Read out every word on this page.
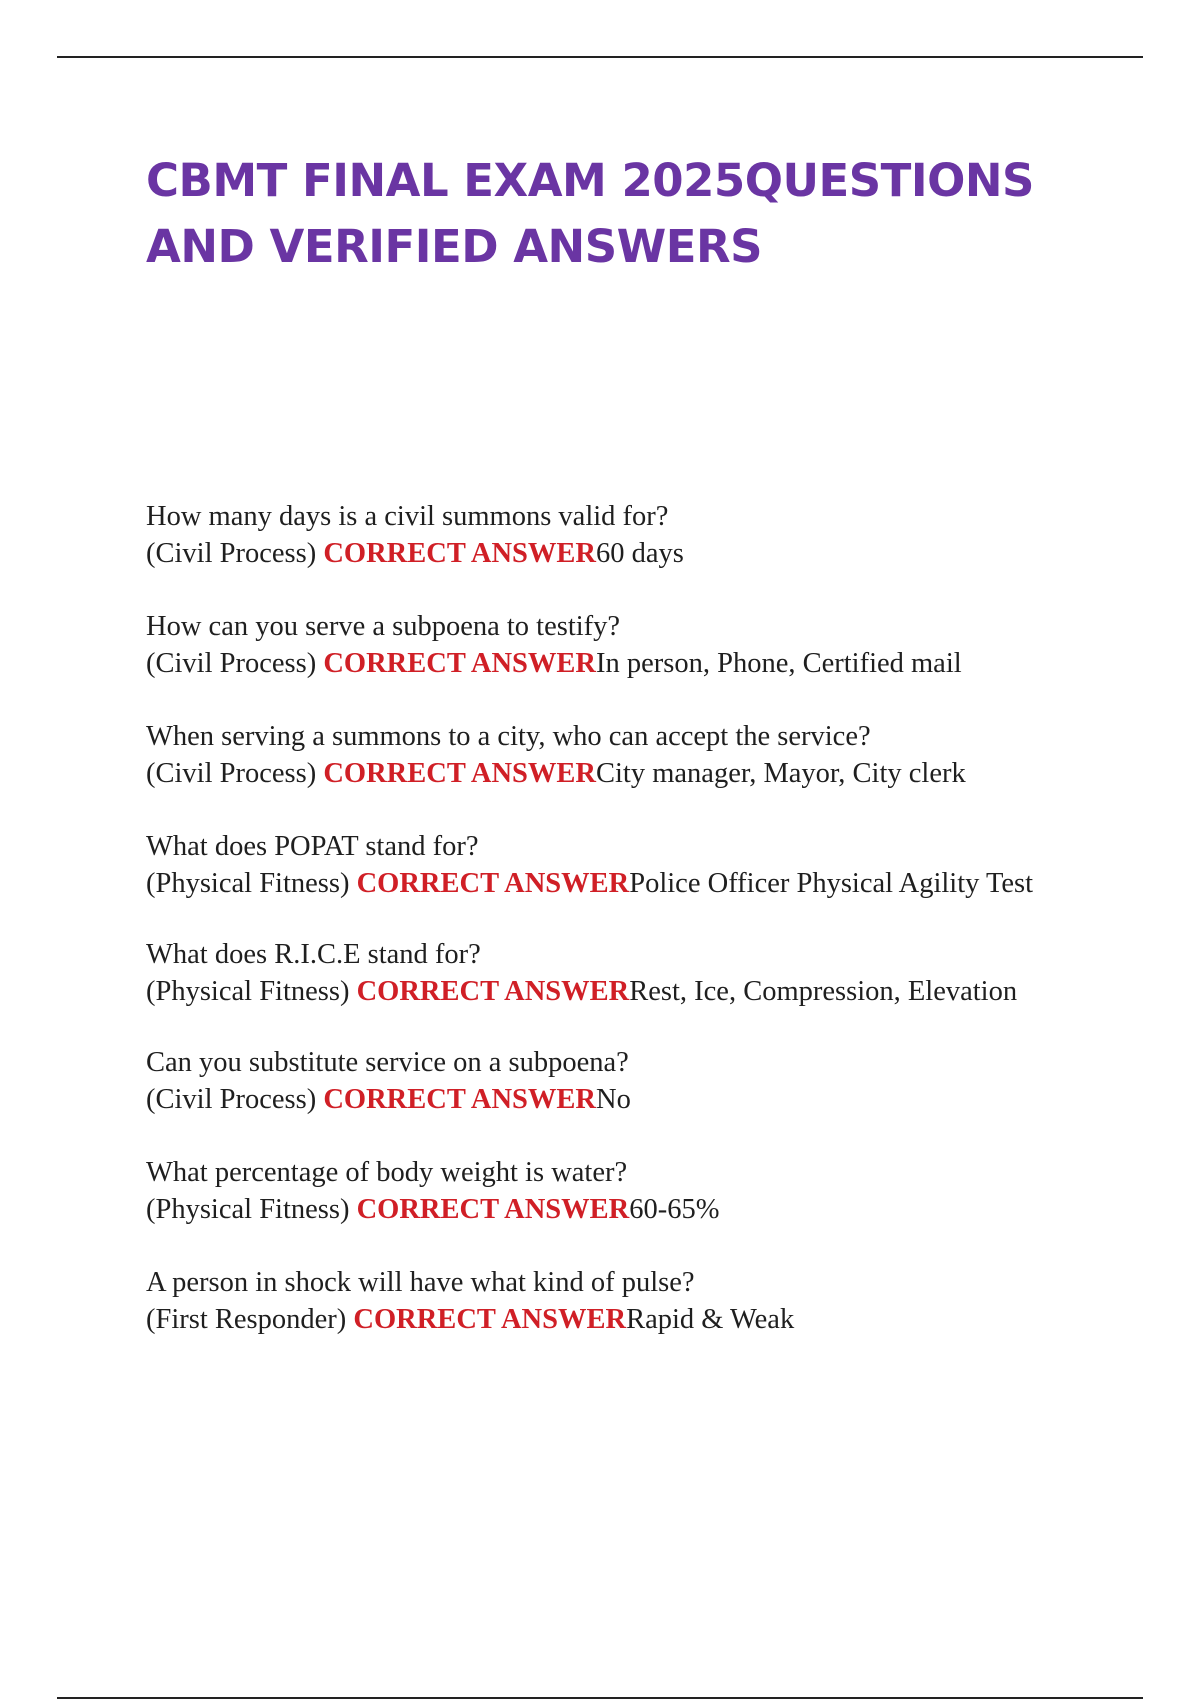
CBMT FINAL EXAM 2025QUESTIONS AND VERIFIED ANSWERS
How many days is a civil summons valid for?
(Civil Process) CORRECT ANSWER60 days
How can you serve a subpoena to testify?
(Civil Process) CORRECT ANSWERIn person, Phone, Certified mail
When serving a summons to a city, who can accept the service?
(Civil Process) CORRECT ANSWERCity manager, Mayor, City clerk
What does POPAT stand for?
(Physical Fitness) CORRECT ANSWERPolice Officer Physical Agility Test
What does R.I.C.E stand for?
(Physical Fitness) CORRECT ANSWERRest, Ice, Compression, Elevation
Can you substitute service on a subpoena?
(Civil Process) CORRECT ANSWERNo
What percentage of body weight is water?
(Physical Fitness) CORRECT ANSWER60-65%
A person in shock will have what kind of pulse?
(First Responder) CORRECT ANSWERRapid & Weak
